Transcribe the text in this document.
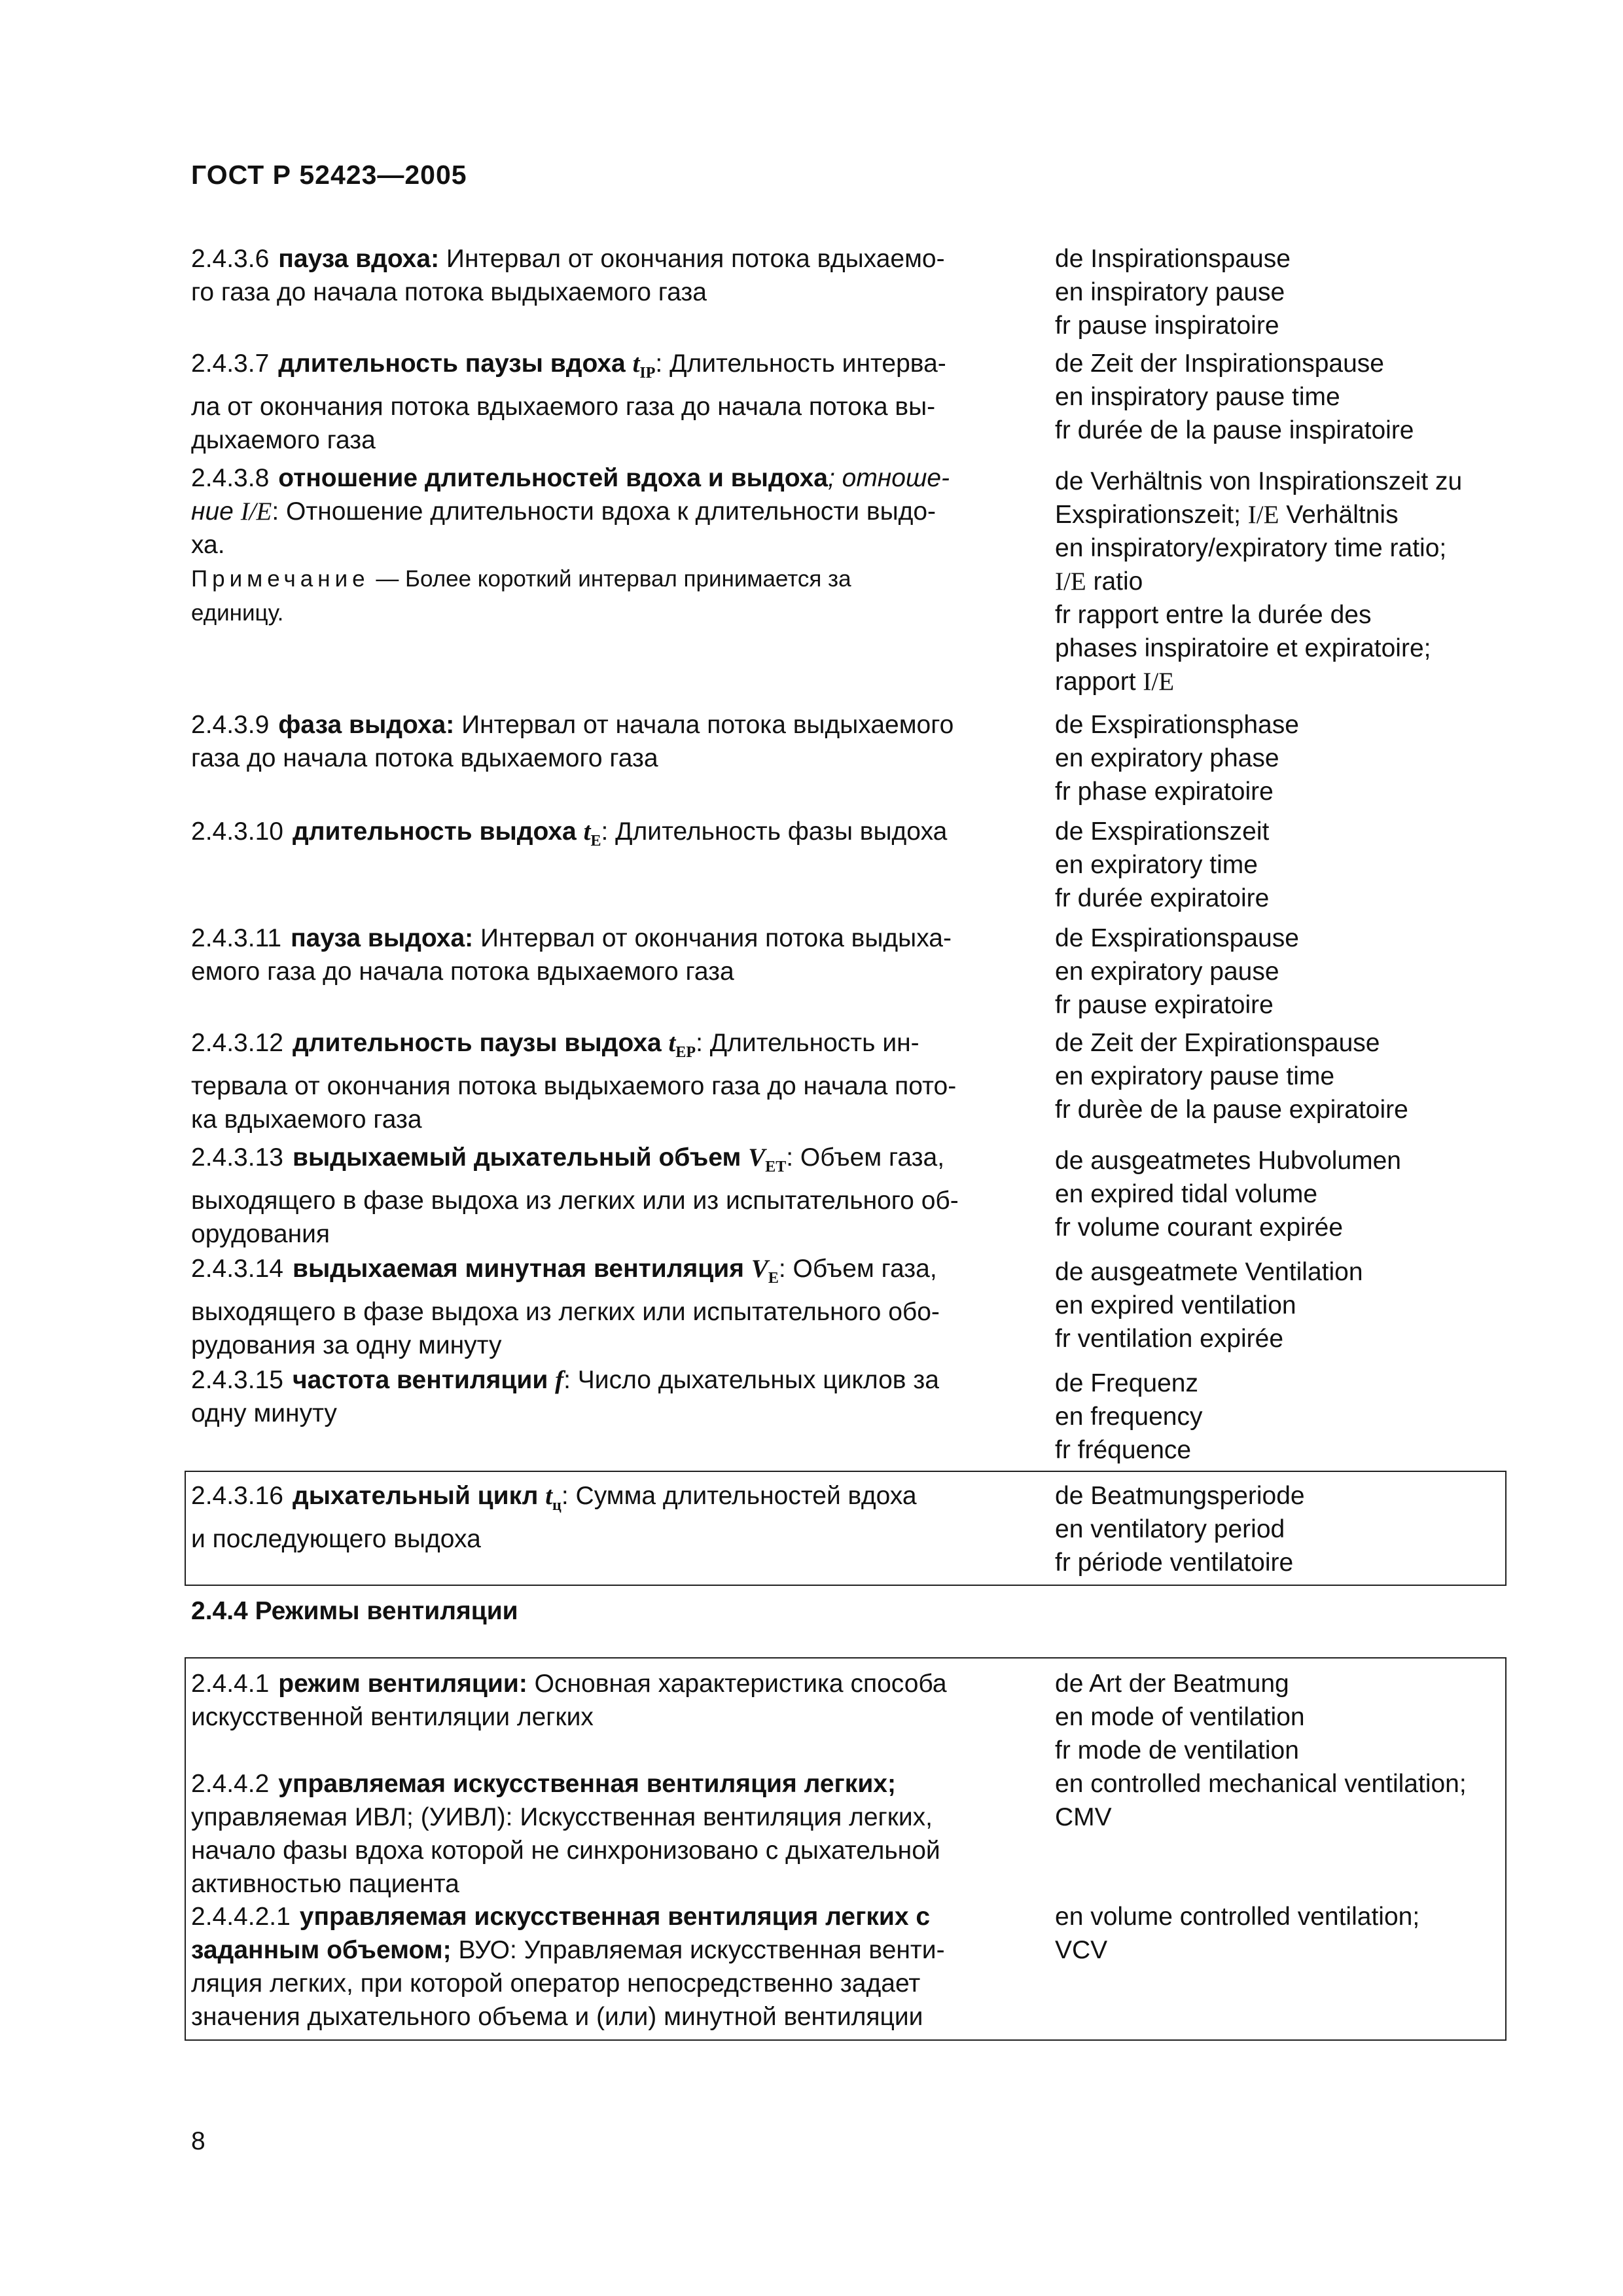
ГОСТ Р 52423—2005
2.4.3.6 пауза вдоха: Интервал от окончания потока вдыхаемо-
го газа до начала потока выдыхаемого газа
de Inspirationspause
en inspiratory pause
fr pause inspiratoire
2.4.3.7 длительность паузы вдоха $t_{IP}$: Длительность интерва-
ла от окончания потока вдыхаемого газа до начала потока вы-
дыхаемого газа
de Zeit der Inspirationspause
en inspiratory pause time
fr durée de la pause inspiratoire
2.4.3.8 отношение длительностей вдоха и выдоха; отноше-
ние I/E: Отношение длительности вдоха к длительности выдо-
ха.
Примечание — Более короткий интервал принимается за
единицу.
de Verhältnis von Inspirationszeit zu
Exspirationszeit; I/E Verhältnis
en inspiratory/expiratory time ratio;
I/E ratio
fr rapport entre la durée des
phases inspiratoire et expiratoire;
rapport I/E
2.4.3.9 фаза выдоха: Интервал от начала потока выдыхаемого
газа до начала потока вдыхаемого газа
de Exspirationsphase
en expiratory phase
fr phase expiratoire
2.4.3.10 длительность выдоха $t_E$: Длительность фазы выдоха	de Exspirationszeit
en expiratory time
fr durée expiratoire
2.4.3.11 пауза выдоха: Интервал от окончания потока выдыха-
емого газа до начала потока вдыхаемого газа
de Exspirationspause
en expiratory pause
fr pause expiratoire
2.4.3.12 длительность паузы выдоха $t_{EP}$: Длительность ин-
тервала от окончания потока выдыхаемого газа до начала пото-
ка вдыхаемого газа
de Zeit der Expirationspause
en expiratory pause time
fr durèe de la pause expiratoire
2.4.3.13 выдыхаемый дыхательный объем $V_{ET}$: Объем газа,
выходящего в фазе выдоха из легких или из испытательного об-
орудования
de ausgeatmetes Hubvolumen
en expired tidal volume
fr volume courant expirée
2.4.3.14 выдыхаемая минутная вентиляция $V_E$: Объем газа,
выходящего в фазе выдоха из легких или испытательного обо-
рудования за одну минуту
de ausgeatmete Ventilation
en expired ventilation
fr ventilation expirée
2.4.3.15 частота вентиляции f: Число дыхательных циклов за
одну минуту
de Frequenz
en frequency
fr fréquence
2.4.3.16 дыхательный цикл $t_ц$: Сумма длительностей вдоха
и последующего выдоха
de Beatmungsperiode
en ventilatory period
fr période ventilatoire
2.4.4 Режимы вентиляции
2.4.4.1 режим вентиляции: Основная характеристика способа
искусственной вентиляции легких
de Art der Beatmung
en mode of ventilation
fr mode de ventilation
2.4.4.2 управляемая искусственная вентиляция легких;
управляемая ИВЛ; (УИВЛ): Искусственная вентиляция легких,
начало фазы вдоха которой не синхронизовано с дыхательной
активностью пациента
en controlled mechanical ventilation;
CMV
2.4.4.2.1 управляемая искусственная вентиляция легких с
заданным объемом; ВУО: Управляемая искусственная венти-
ляция легких, при которой оператор непосредственно задает
значения дыхательного объема и (или) минутной вентиляции
en volume controlled ventilation;
VCV
8
